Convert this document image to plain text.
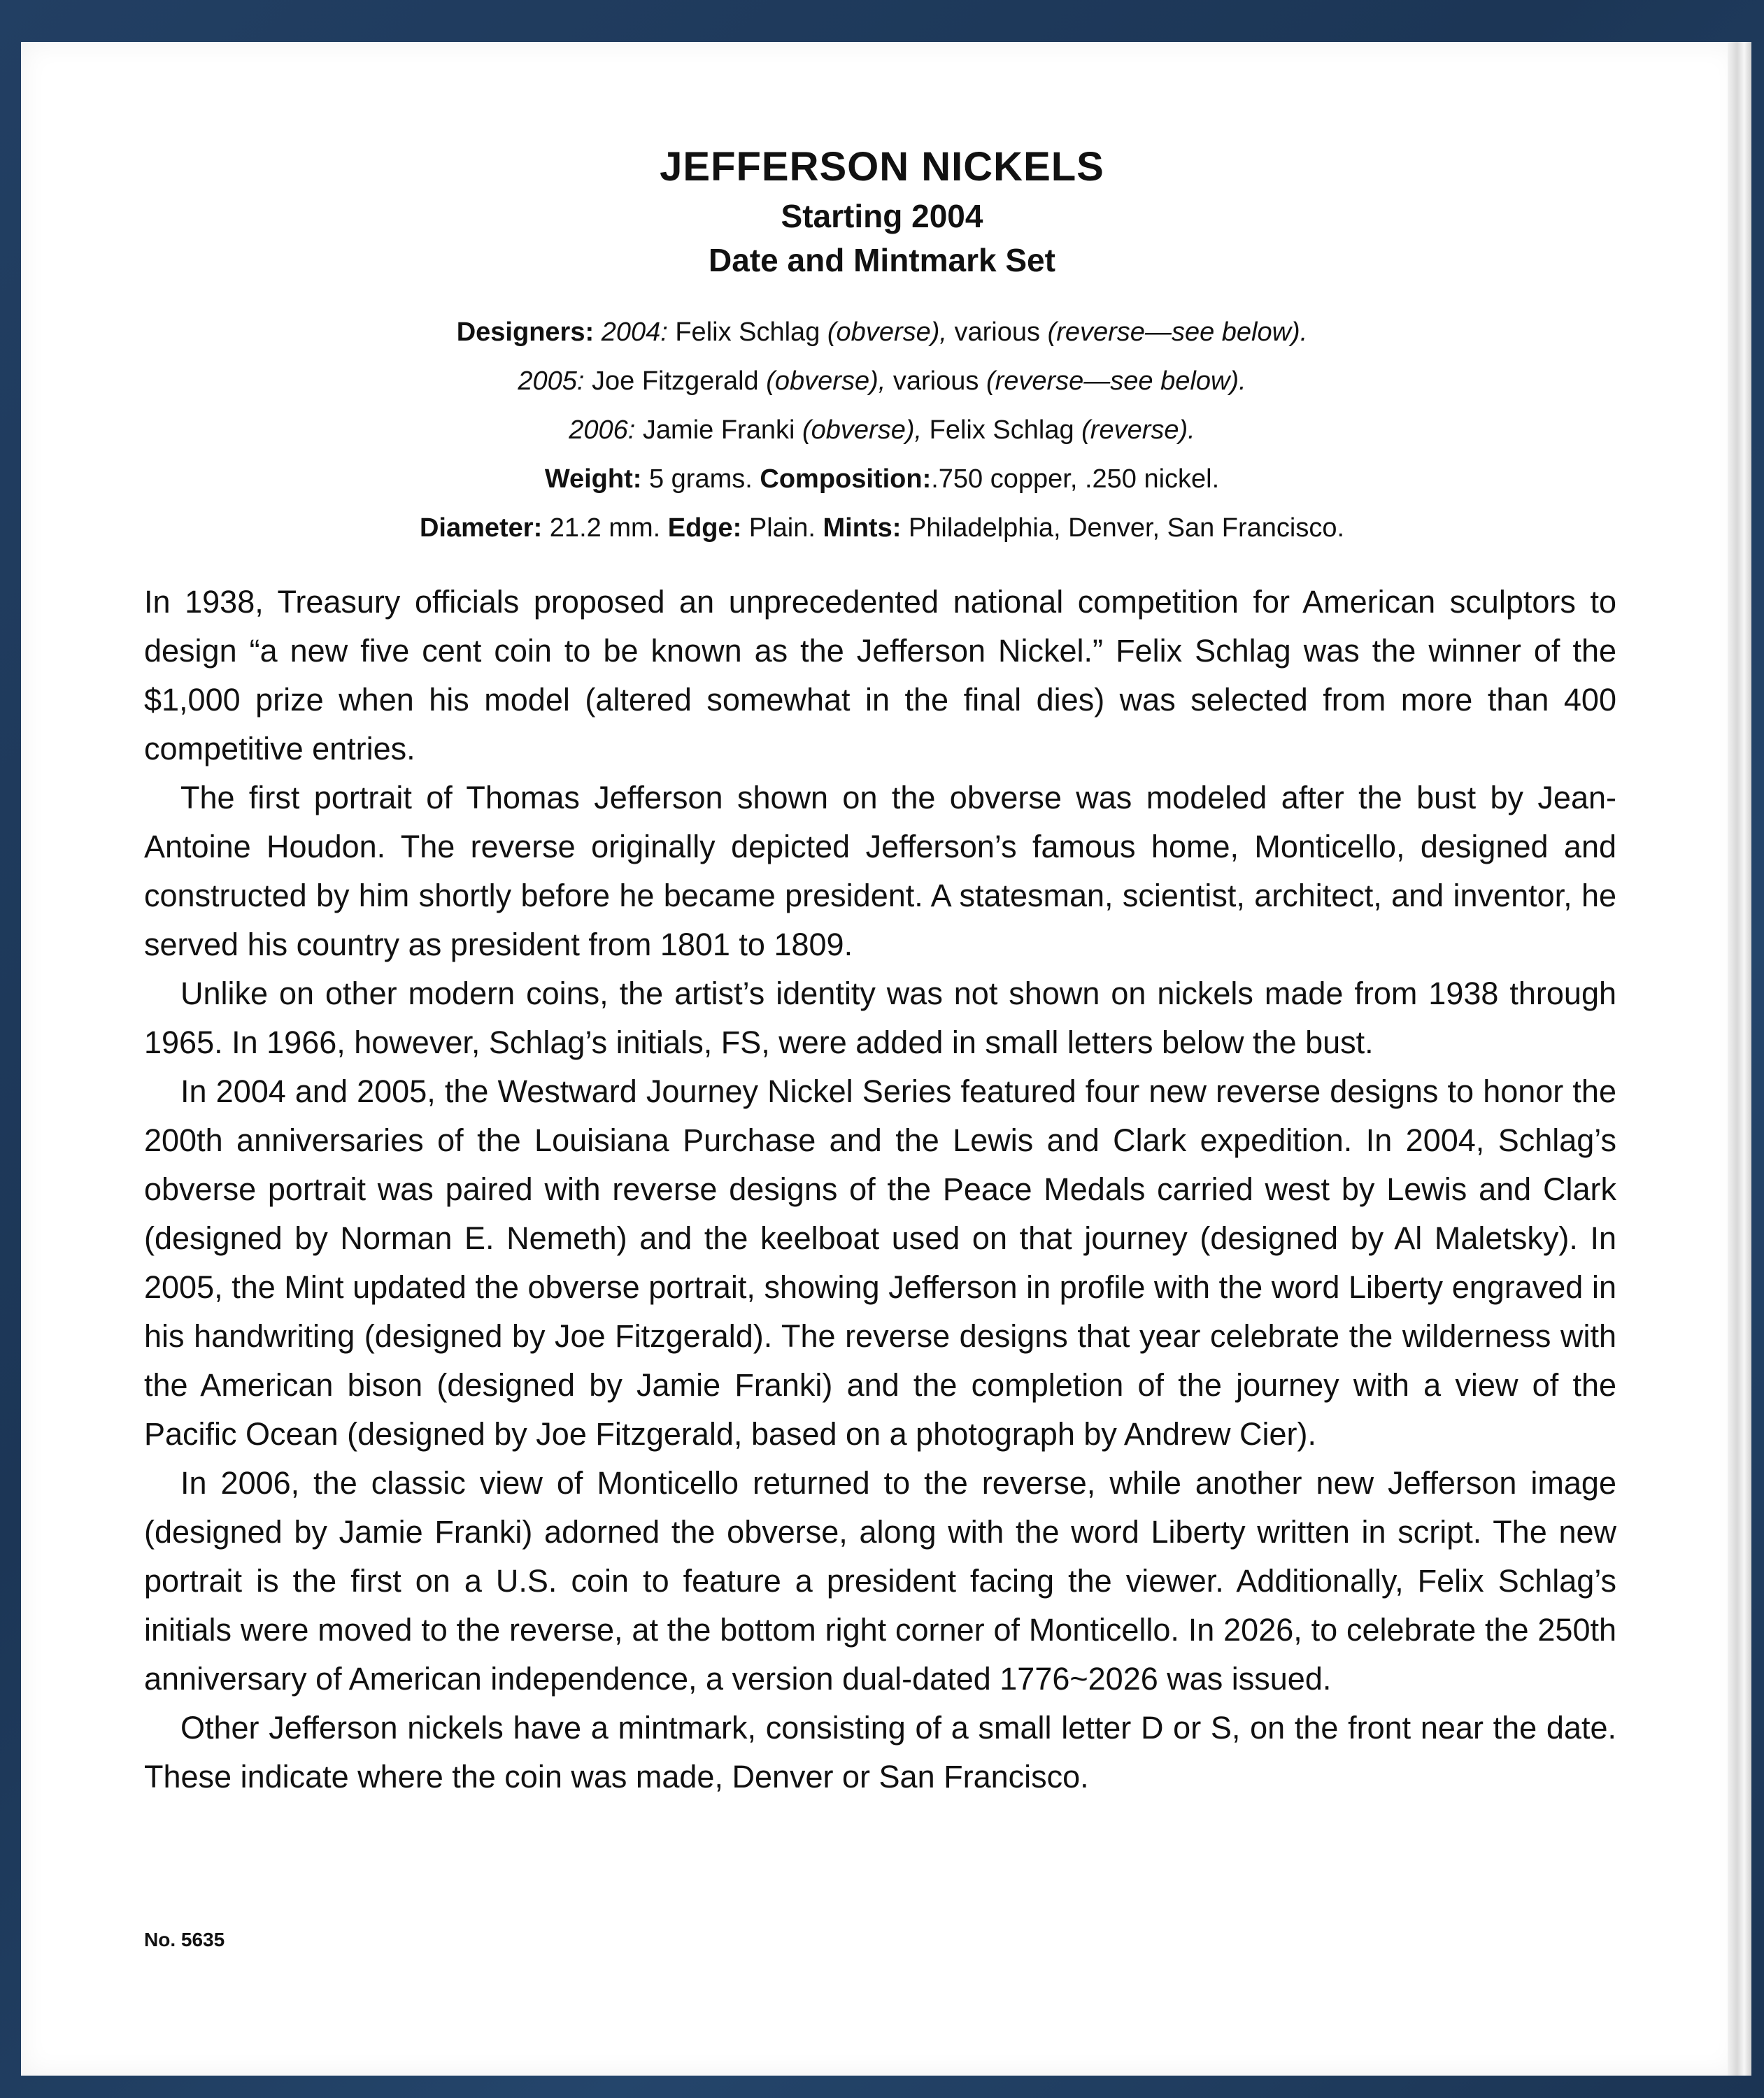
JEFFERSON NICKELS
Starting 2004
Date and Mintmark Set
Designers: 2004: Felix Schlag (obverse), various (reverse—see below).
2005: Joe Fitzgerald (obverse), various (reverse—see below).
2006: Jamie Franki (obverse), Felix Schlag (reverse).
Weight: 5 grams. Composition:.750 copper, .250 nickel.
Diameter: 21.2 mm. Edge: Plain. Mints: Philadelphia, Denver, San Francisco.

In 1938, Treasury officials proposed an unprecedented national competition for American sculptors to design “a new five cent coin to be known as the Jefferson Nickel.” Felix Schlag was the winner of the $1,000 prize when his model (altered somewhat in the final dies) was selected from more than 400 competitive entries.

The first portrait of Thomas Jefferson shown on the obverse was modeled after the bust by Jean-Antoine Houdon. The reverse originally depicted Jefferson’s famous home, Monticello, designed and constructed by him shortly before he became president. A statesman, scientist, architect, and inventor, he served his country as president from 1801 to 1809.

Unlike on other modern coins, the artist’s identity was not shown on nickels made from 1938 through 1965. In 1966, however, Schlag’s initials, FS, were added in small letters below the bust.

In 2004 and 2005, the Westward Journey Nickel Series featured four new reverse designs to honor the 200th anniversaries of the Louisiana Purchase and the Lewis and Clark expedition. In 2004, Schlag’s obverse portrait was paired with reverse designs of the Peace Medals carried west by Lewis and Clark (designed by Norman E. Nemeth) and the keelboat used on that journey (designed by Al Maletsky). In 2005, the Mint updated the obverse portrait, showing Jefferson in profile with the word Liberty engraved in his handwriting (designed by Joe Fitzgerald). The reverse designs that year celebrate the wilderness with the American bison (designed by Jamie Franki) and the completion of the journey with a view of the Pacific Ocean (designed by Joe Fitzgerald, based on a photograph by Andrew Cier).

In 2006, the classic view of Monticello returned to the reverse, while another new Jefferson image (designed by Jamie Franki) adorned the obverse, along with the word Liberty written in script. The new portrait is the first on a U.S. coin to feature a president facing the viewer. Additionally, Felix Schlag’s initials were moved to the reverse, at the bottom right corner of Monticello. In 2026, to celebrate the 250th anniversary of American independence, a version dual-dated 1776~2026 was issued.

Other Jefferson nickels have a mintmark, consisting of a small letter D or S, on the front near the date. These indicate where the coin was made, Denver or San Francisco.

No. 5635
